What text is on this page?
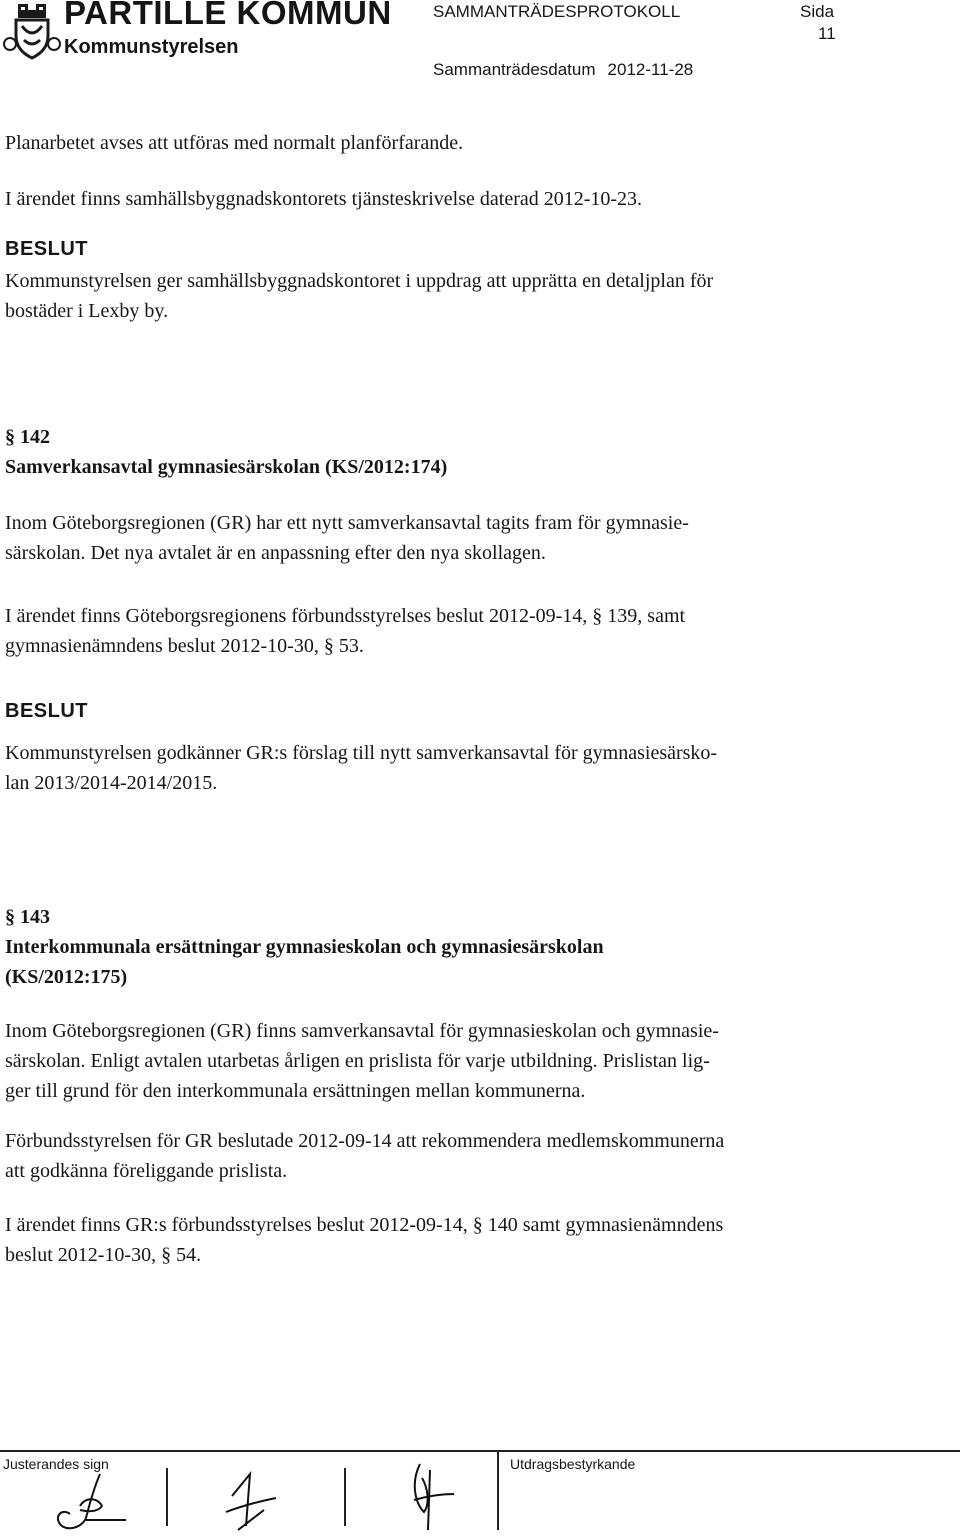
PARTILLE KOMMUN
Kommunstyrelsen
SAMMANTRÄDESPROTOKOLL	Sida
11
Sammanträdesdatum 2012-11-28
Planarbetet avses att utföras med normalt planförfarande.
I ärendet finns samhällsbyggnadskontorets tjänsteskrivelse daterad 2012-10-23.
BESLUT
Kommunstyrelsen ger samhällsbyggnadskontoret i uppdrag att upprätta en detaljplan för
bostäder i Lexby by.
§ 142
Samverkansavtal gymnasiesärskolan (KS/2012:174)
Inom Göteborgsregionen (GR) har ett nytt samverkansavtal tagits fram för gymnasie-
särskolan. Det nya avtalet är en anpassning efter den nya skollagen.
I ärendet finns Göteborgsregionens förbundsstyrelses beslut 2012-09-14, § 139, samt
gymnasienämndens beslut 2012-10-30, § 53.
BESLUT
Kommunstyrelsen godkänner GR:s förslag till nytt samverkansavtal för gymnasiesärsko-
lan 2013/2014-2014/2015.
§ 143
Interkommunala ersättningar gymnasieskolan och gymnasiesärskolan
(KS/2012:175)
Inom Göteborgsregionen (GR) finns samverkansavtal för gymnasieskolan och gymnasie-
särskolan. Enligt avtalen utarbetas årligen en prislista för varje utbildning. Prislistan lig-
ger till grund för den interkommunala ersättningen mellan kommunerna.
Förbundsstyrelsen för GR beslutade 2012-09-14 att rekommendera medlemskommunerna
att godkänna föreliggande prislista.
I ärendet finns GR:s förbundsstyrelses beslut 2012-09-14, § 140 samt gymnasienämndens
beslut 2012-10-30, § 54.
Justerandes sign	Utdragsbestyrkande
